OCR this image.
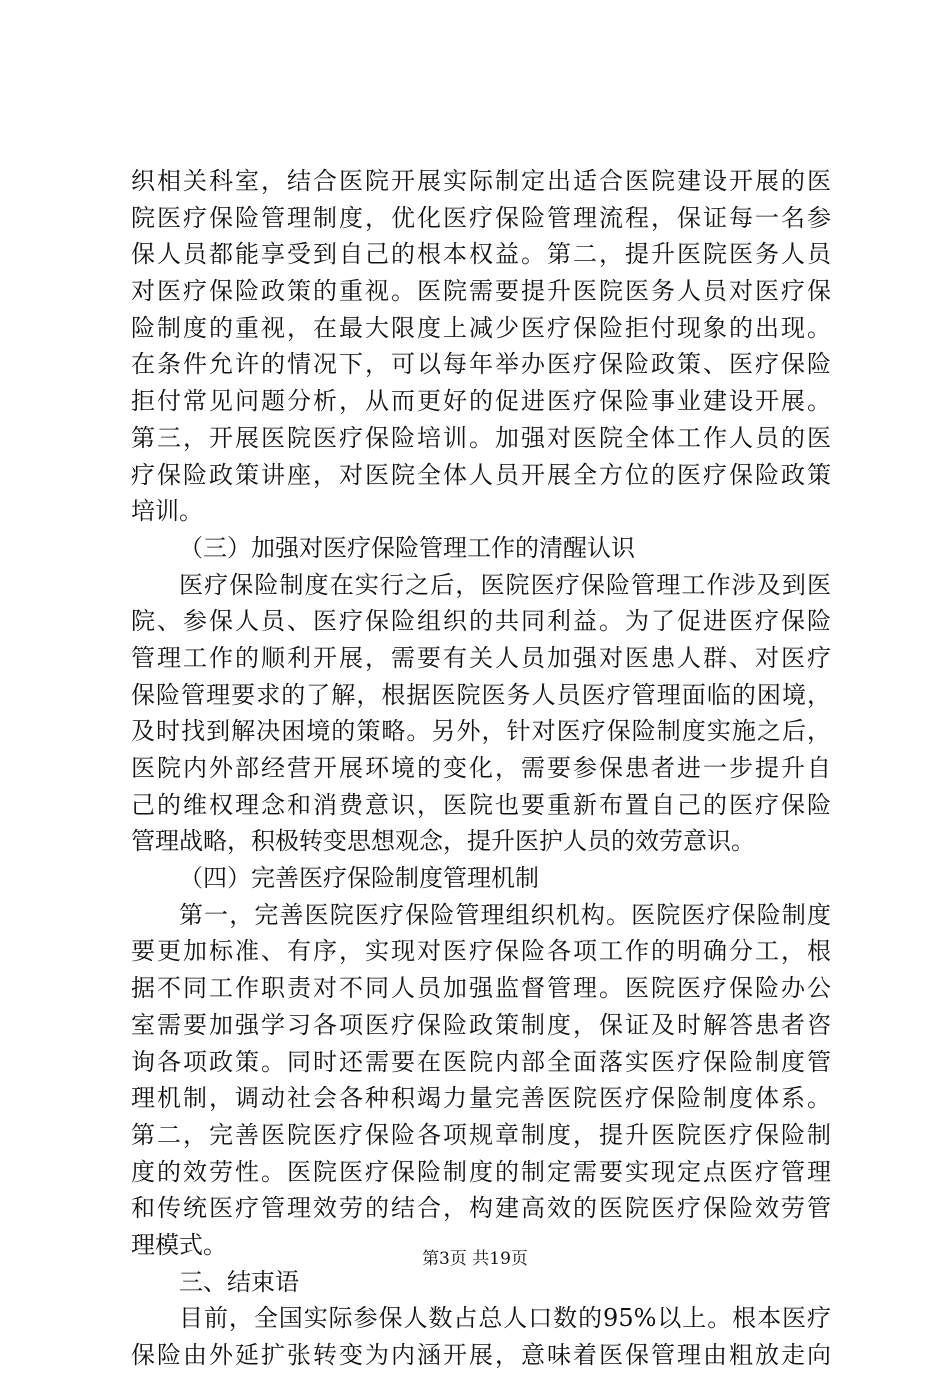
织相关科室，结合医院开展实际制定出适合医院建设开展的医
院医疗保险管理制度，优化医疗保险管理流程，保证每一名参
保人员都能享受到自己的根本权益。第二，提升医院医务人员
对医疗保险政策的重视。医院需要提升医院医务人员对医疗保
险制度的重视，在最大限度上减少医疗保险拒付现象的出现。
在条件允许的情况下，可以每年举办医疗保险政策、医疗保险
拒付常见问题分析，从而更好的促进医疗保险事业建设开展。
第三，开展医院医疗保险培训。加强对医院全体工作人员的医
疗保险政策讲座，对医院全体人员开展全方位的医疗保险政策
培训。
（三）加强对医疗保险管理工作的清醒认识
医疗保险制度在实行之后，医院医疗保险管理工作涉及到医
院、参保人员、医疗保险组织的共同利益。为了促进医疗保险
管理工作的顺利开展，需要有关人员加强对医患人群、对医疗
保险管理要求的了解，根据医院医务人员医疗管理面临的困境，
及时找到解决困境的策略。另外，针对医疗保险制度实施之后，
医院内外部经营开展环境的变化，需要参保患者进一步提升自
己的维权理念和消费意识，医院也要重新布置自己的医疗保险
管理战略，积极转变思想观念，提升医护人员的效劳意识。
（四）完善医疗保险制度管理机制
第一，完善医院医疗保险管理组织机构。医院医疗保险制度
要更加标准、有序，实现对医疗保险各项工作的明确分工，根
据不同工作职责对不同人员加强监督管理。医院医疗保险办公
室需要加强学习各项医疗保险政策制度，保证及时解答患者咨
询各项政策。同时还需要在医院内部全面落实医疗保险制度管
理机制，调动社会各种积竭力量完善医院医疗保险制度体系。
第二，完善医院医疗保险各项规章制度，提升医院医疗保险制
度的效劳性。医院医疗保险制度的制定需要实现定点医疗管理
和传统医疗管理效劳的结合，构建高效的医院医疗保险效劳管
理模式。
三、结束语
目前，全国实际参保人数占总人口数的95%以上。根本医疗
保险由外延扩张转变为内涵开展，意味着医保管理由粗放走向
第3页 共19页
